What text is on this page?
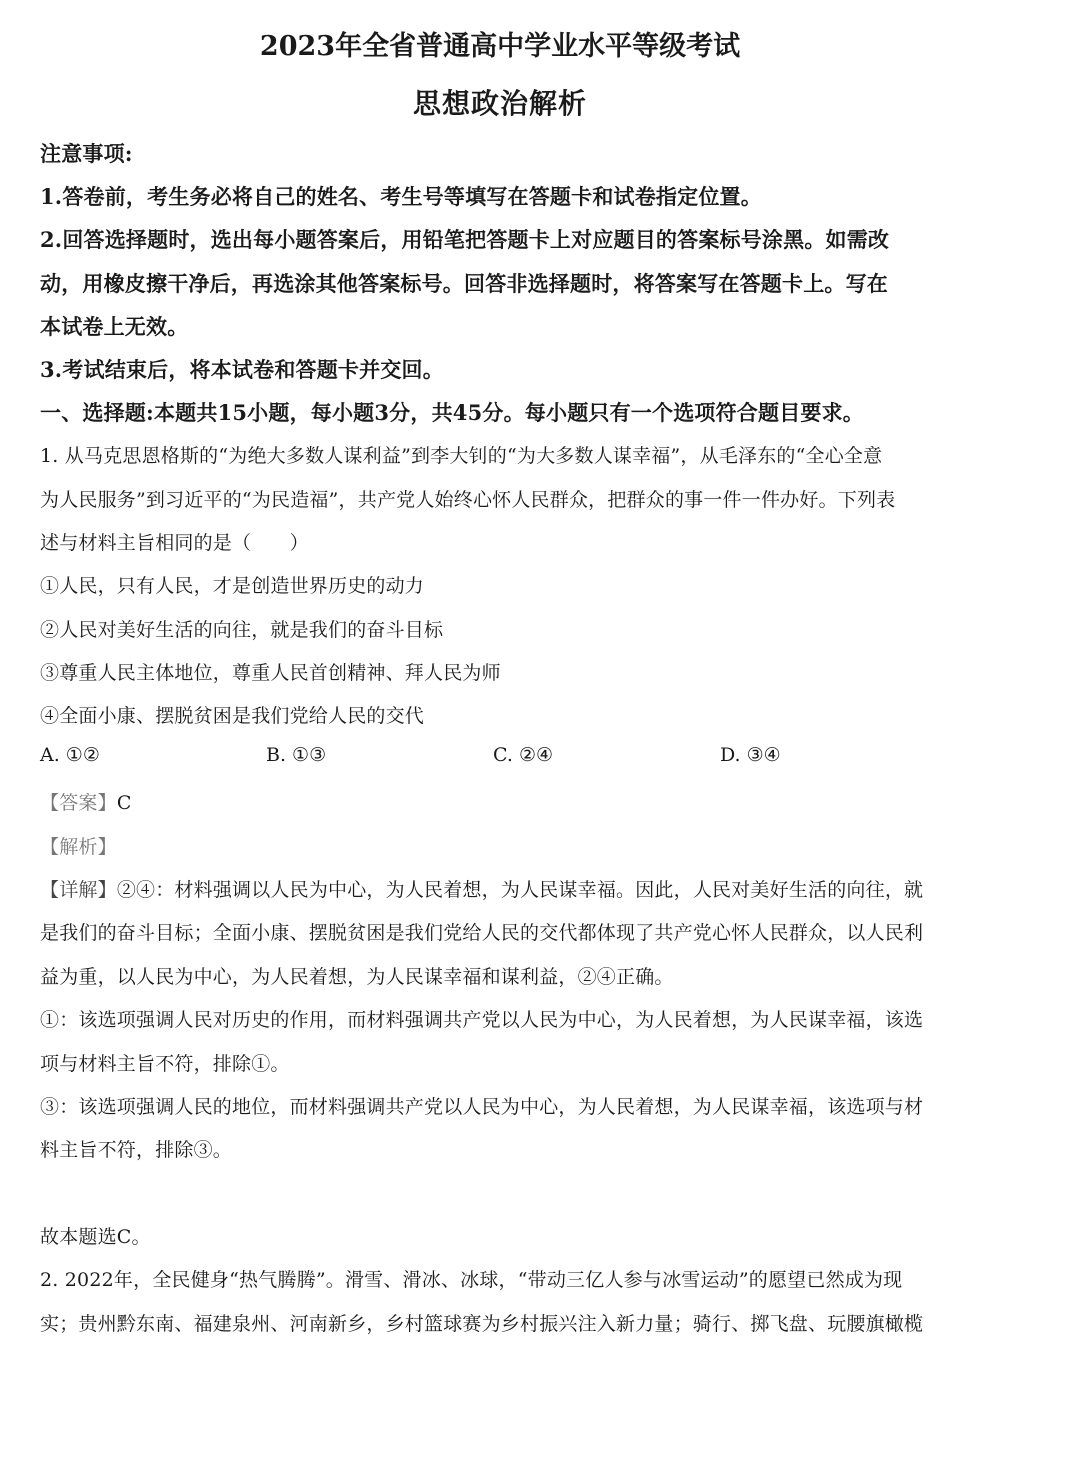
2023年全省普通高中学业水平等级考试
思想政治解析
注意事项:
1.答卷前，考生务必将自己的姓名、考生号等填写在答题卡和试卷指定位置。
2.回答选择题时，选出每小题答案后，用铅笔把答题卡上对应题目的答案标号涂黑。如需改
动，用橡皮擦干净后，再选涂其他答案标号。回答非选择题时，将答案写在答题卡上。写在
本试卷上无效。
3.考试结束后，将本试卷和答题卡并交回。
一、选择题:本题共15小题，每小题3分，共45分。每小题只有一个选项符合题目要求。
1. 从马克思恩格斯的“为绝大多数人谋利益”到李大钊的“为大多数人谋幸福”，从毛泽东的“全心全意
为人民服务”到习近平的“为民造福”，共产党人始终心怀人民群众，把群众的事一件一件办好。下列表
述与材料主旨相同的是（　　）
①人民，只有人民，才是创造世界历史的动力
②人民对美好生活的向往，就是我们的奋斗目标
③尊重人民主体地位，尊重人民首创精神、拜人民为师
④全面小康、摆脱贫困是我们党给人民的交代
A. ①②	B. ①③	C. ②④	D. ③④
【答案】C
【解析】
【详解】②④：材料强调以人民为中心，为人民着想，为人民谋幸福。因此，人民对美好生活的向往，就
是我们的奋斗目标；全面小康、摆脱贫困是我们党给人民的交代都体现了共产党心怀人民群众，以人民利
益为重，以人民为中心，为人民着想，为人民谋幸福和谋利益，②④正确。
①：该选项强调人民对历史的作用，而材料强调共产党以人民为中心，为人民着想，为人民谋幸福，该选
项与材料主旨不符，排除①。
③：该选项强调人民的地位，而材料强调共产党以人民为中心，为人民着想，为人民谋幸福，该选项与材
料主旨不符，排除③。
故本题选C。
2. 2022年，全民健身“热气腾腾”。滑雪、滑冰、冰球，“带动三亿人参与冰雪运动”的愿望已然成为现
实；贵州黔东南、福建泉州、河南新乡，乡村篮球赛为乡村振兴注入新力量；骑行、掷飞盘、玩腰旗橄榄
